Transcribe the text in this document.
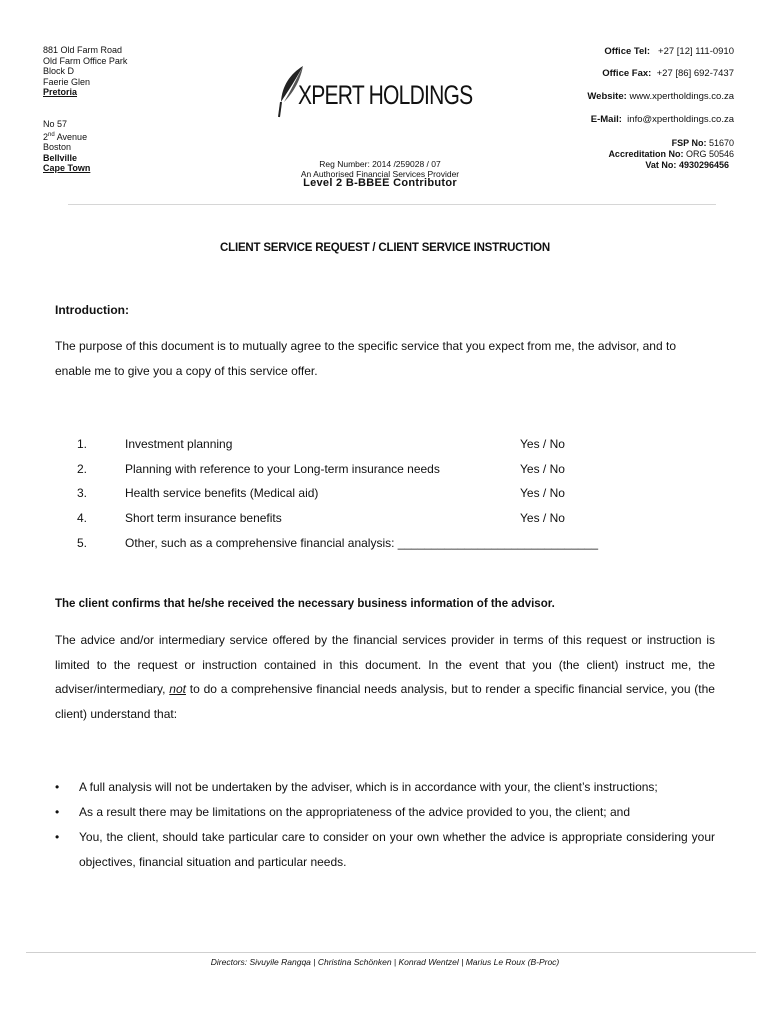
881 Old Farm Road
Old Farm Office Park
Block D
Faerie Glen
Pretoria
No 57
2nd Avenue
Boston
Bellville
Cape Town
XPERT HOLDINGS
Reg Number: 2014 /259028 / 07
An Authorised Financial Services Provider
Level 2 B-BBEE Contributor
Office Tel: +27 [12] 111-0910
Office Fax: +27 [86] 692-7437
Website: www.xpertholdings.co.za
E-Mail: info@xpertholdings.co.za
FSP No: 51670
Accreditation No: ORG 50546
Vat No: 4930296456
CLIENT SERVICE REQUEST / CLIENT SERVICE INSTRUCTION
Introduction:
The purpose of this document is to mutually agree to the specific service that you expect from me, the advisor, and to enable me to give you a copy of this service offer.
1.	Investment planning	Yes / No
2.	Planning with reference to your Long-term insurance needs	Yes / No
3.	Health service benefits (Medical aid)	Yes / No
4.	Short term insurance benefits	Yes / No
5.	Other, such as a comprehensive financial analysis: ______________________________
The client confirms that he/she received the necessary business information of the advisor.
The advice and/or intermediary service offered by the financial services provider in terms of this request or instruction is limited to the request or instruction contained in this document. In the event that you (the client) instruct me, the adviser/intermediary, not to do a comprehensive financial needs analysis, but to render a specific financial service, you (the client) understand that:
• A full analysis will not be undertaken by the adviser, which is in accordance with your, the client’s instructions;
• As a result there may be limitations on the appropriateness of the advice provided to you, the client; and
• You, the client, should take particular care to consider on your own whether the advice is appropriate considering your objectives, financial situation and particular needs.
Directors: Sivuyile Rangqa | Christina Schönken | Konrad Wentzel | Marius Le Roux (B-Proc)
